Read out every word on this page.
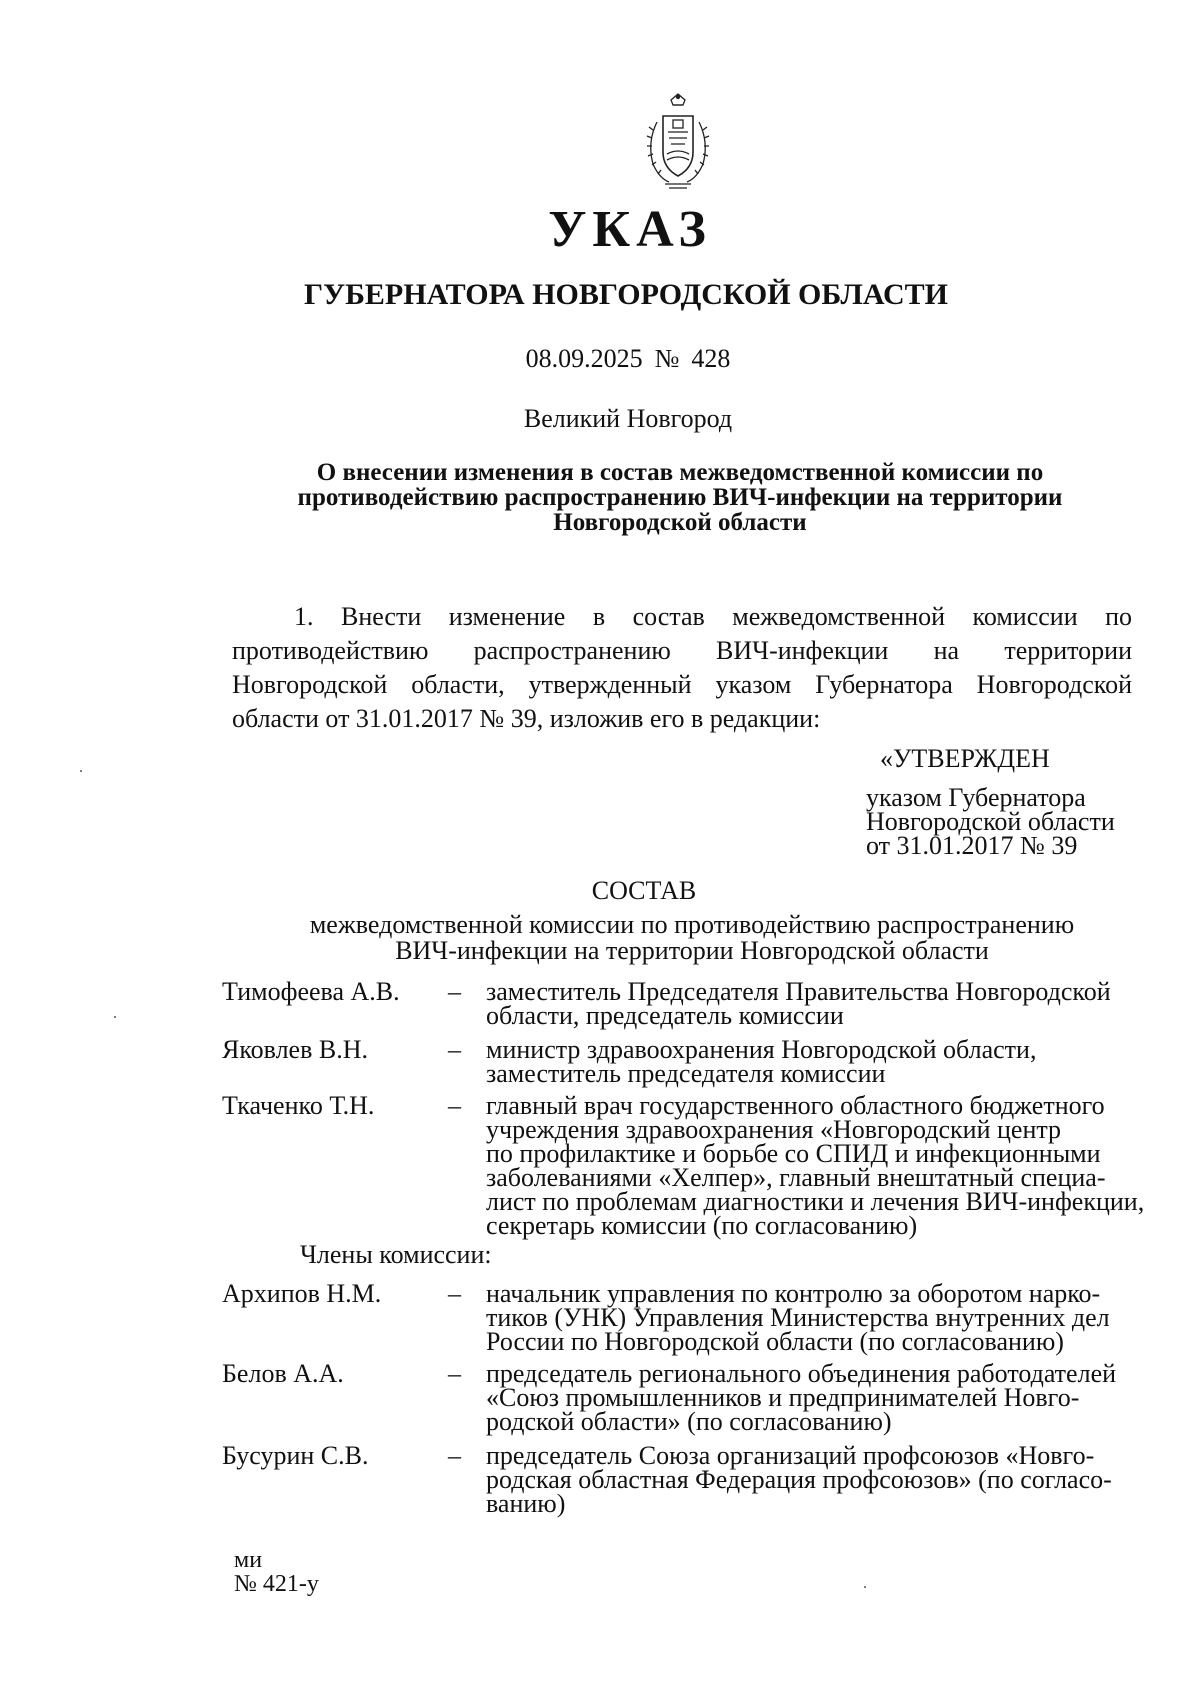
УКАЗ
ГУБЕРНАТОРА НОВГОРОДСКОЙ ОБЛАСТИ
08.09.2025 № 428
Великий Новгород
О внесении изменения в состав межведомственной комиссии по
противодействию распространению ВИЧ-инфекции на территории
Новгородской области
1. Внести изменение в состав межведомственной комиссии по противодействию распространению ВИЧ-инфекции на территории Новгородской области, утвержденный указом Губернатора Новгородской области от 31.01.2017 № 39, изложив его в редакции:
«УТВЕРЖДЕН
указом Губернатора
Новгородской области
от 31.01.2017 № 39
СОСТАВ
межведомственной комиссии по противодействию распространению
ВИЧ-инфекции на территории Новгородской области
Тимофеева А.В. – заместитель Председателя Правительства Новгородской
области, председатель комиссии
Яковлев В.Н.	– министр здравоохранения Новгородской области,
заместитель председателя комиссии
Ткаченко Т.Н.	– главный врач государственного областного бюджетного
учреждения здравоохранения «Новгородский центр
по профилактике и борьбе со СПИД и инфекционными
заболеваниями «Хелпер», главный внештатный специа-
лист по проблемам диагностики и лечения ВИЧ-инфекции,
секретарь комиссии (по согласованию)
Члены комиссии:
Архипов Н.М.	– начальник управления по контролю за оборотом нарко-
тиков (УНК) Управления Министерства внутренних дел
России по Новгородской области (по согласованию)
Белов А.А.	– председатель регионального объединения работодателей
«Союз промышленников и предпринимателей Новго-
родской области» (по согласованию)
Бусурин С.В.	– председатель Союза организаций профсоюзов «Новго-
родская областная Федерация профсоюзов» (по согласо-
ванию)
ми
№ 421-у
